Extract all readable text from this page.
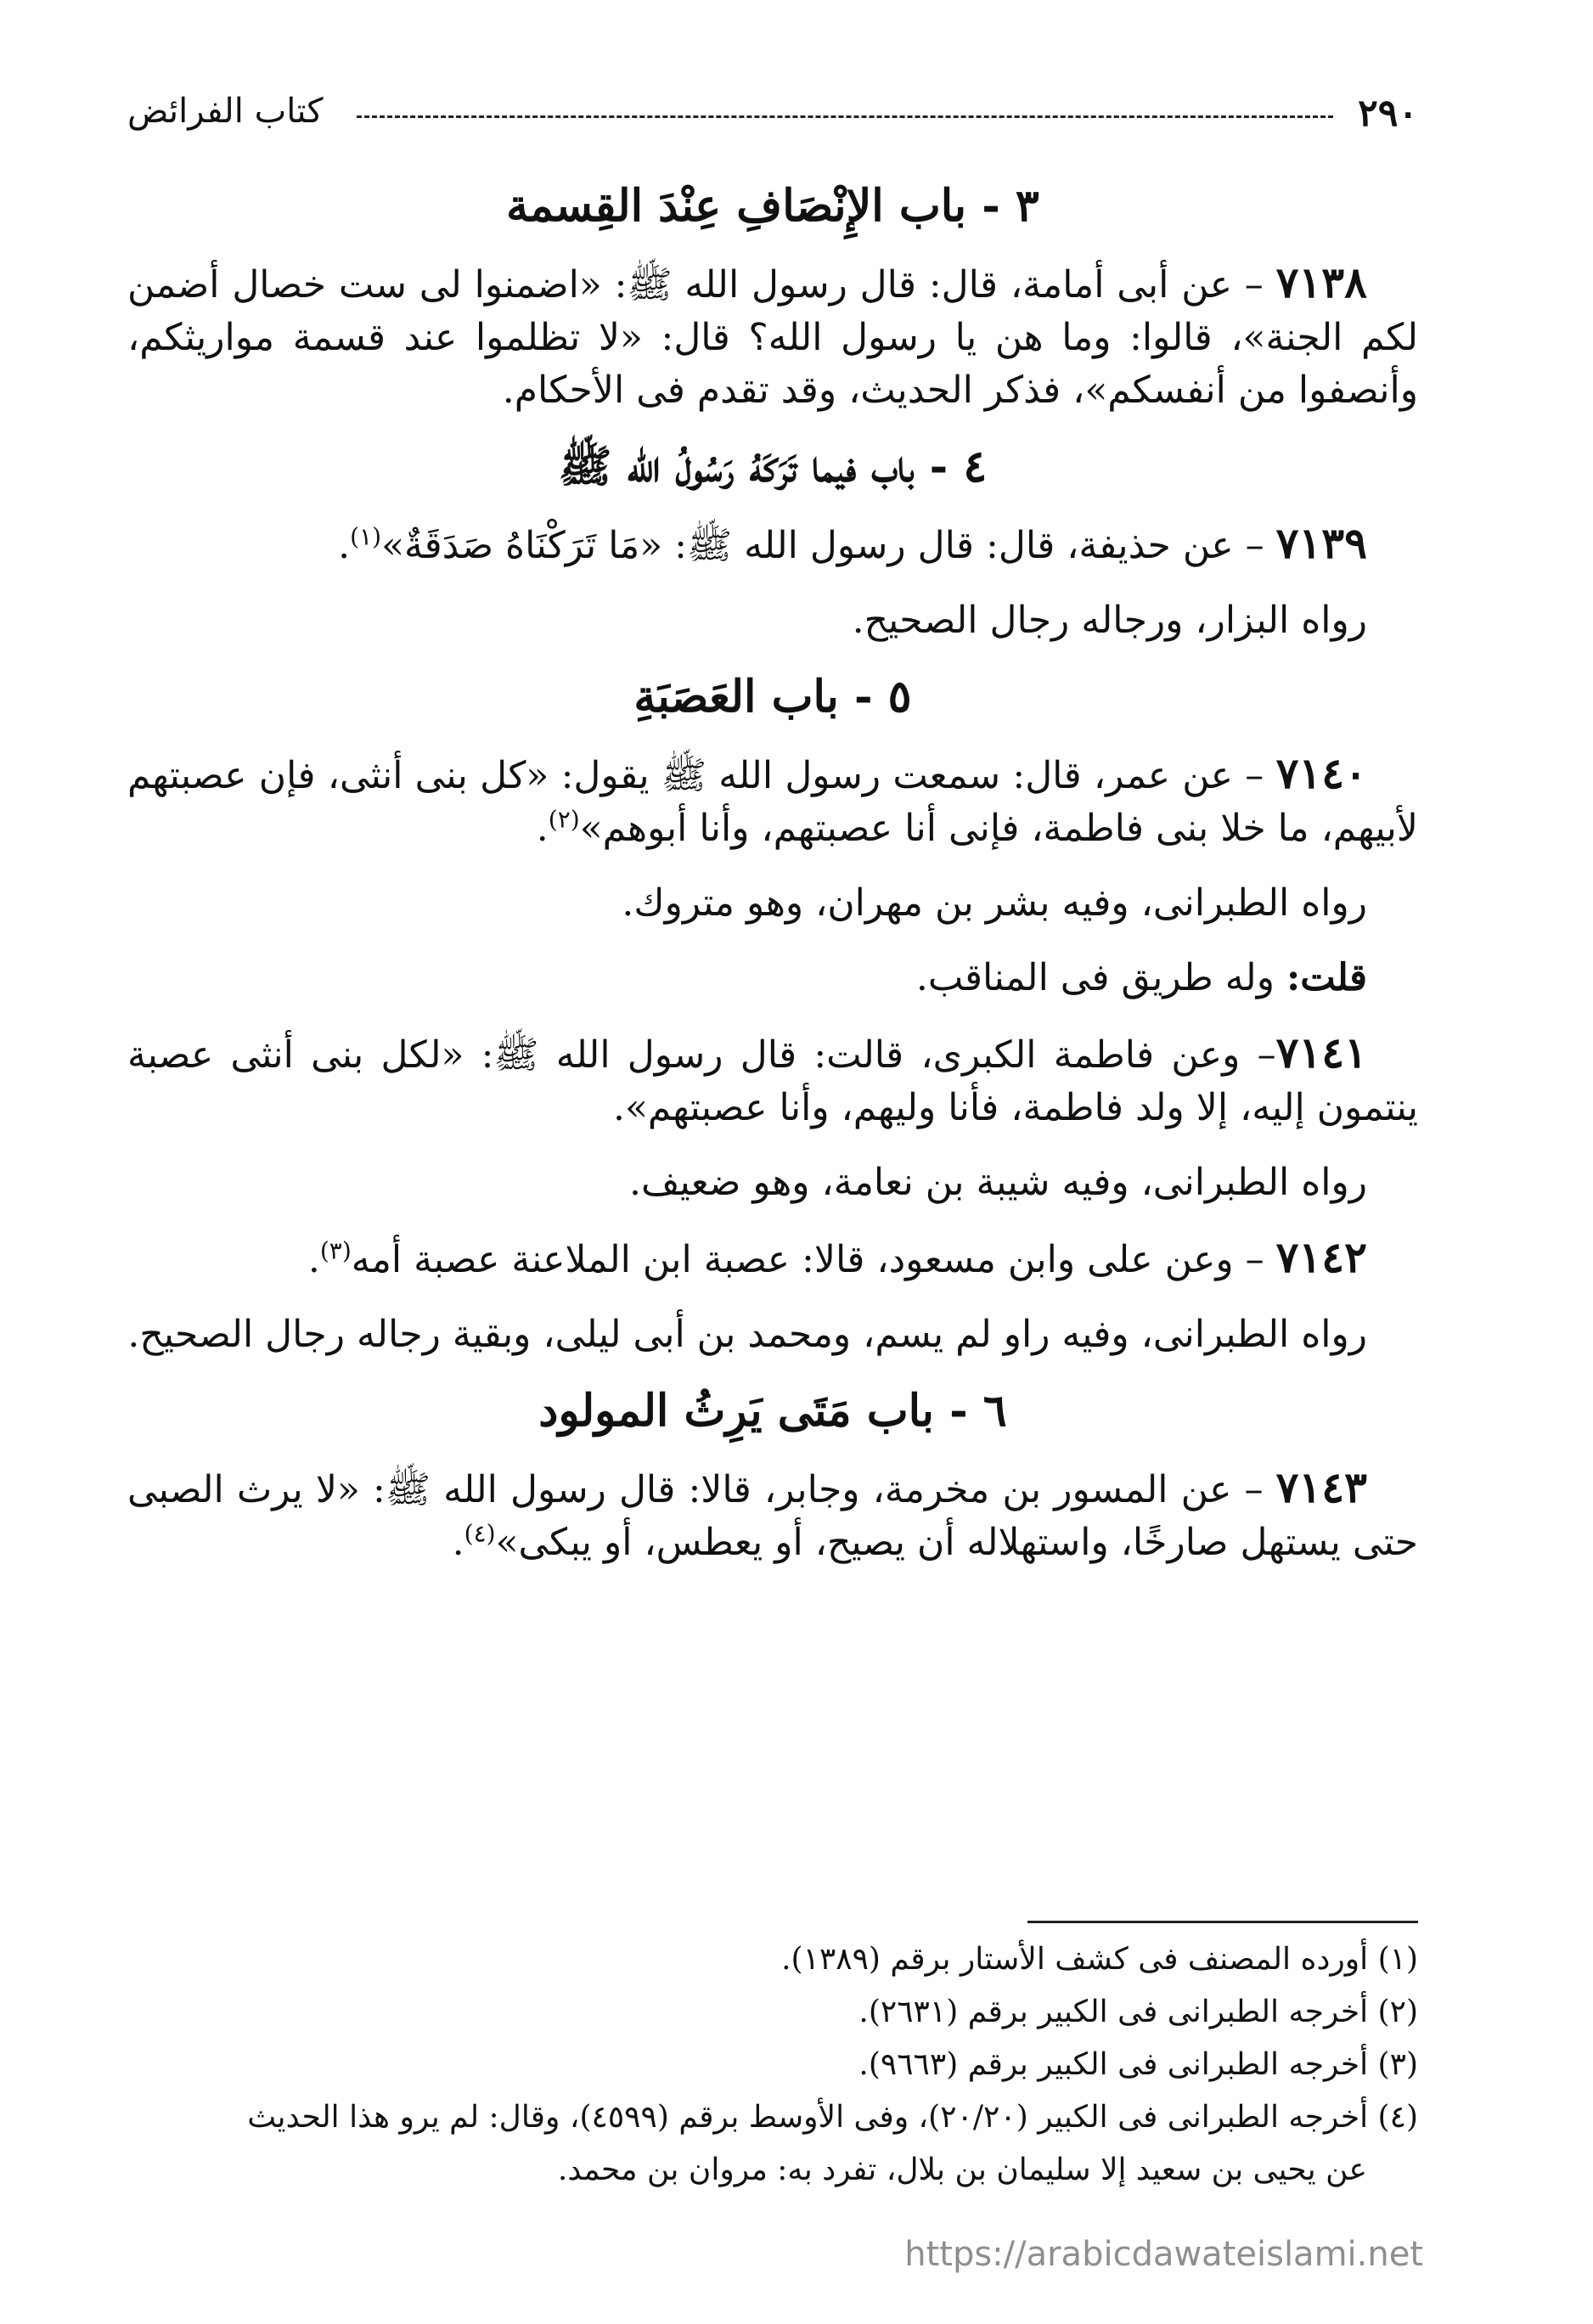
٢٩٠
كتاب الفرائض
٣ - باب الإِنْصَافِ عِنْدَ القِسمة

٧١٣٨ – عن أبى أمامة، قال: قال رسول الله ﷺ: «اضمنوا لى ست خصال أضمن لكم الجنة»، قالوا: وما هن يا رسول الله؟ قال: «لا تظلموا عند قسمة مواريثكم، وأنصفوا من أنفسكم»، فذكر الحديث، وقد تقدم فى الأحكام.

٤ - باب فيما تَرَكَهُ رَسُولُ الله ﷺ

٧١٣٩ – عن حذيفة، قال: قال رسول الله ﷺ: «مَا تَرَكْنَاهُ صَدَقَةٌ»$^{(١)}$.

رواه البزار، ورجاله رجال الصحيح.

٥ - باب العَصَبَةِ

٧١٤٠ – عن عمر، قال: سمعت رسول الله ﷺ يقول: «كل بنى أنثى، فإن عصبتهم لأبيهم، ما خلا بنى فاطمة، فإنى أنا عصبتهم، وأنا أبوهم»$^{(٢)}$.

رواه الطبرانى، وفيه بشر بن مهران، وهو متروك.

قلت: وله طريق فى المناقب.

٧١٤١– وعن فاطمة الكبرى، قالت: قال رسول الله ﷺ: «لكل بنى أنثى عصبة ينتمون إليه، إلا ولد فاطمة، فأنا وليهم، وأنا عصبتهم».

رواه الطبرانى، وفيه شيبة بن نعامة، وهو ضعيف.

٧١٤٢ – وعن على وابن مسعود، قالا: عصبة ابن الملاعنة عصبة أمه$^{(٣)}$.

رواه الطبرانى، وفيه راو لم يسم، ومحمد بن أبى ليلى، وبقية رجاله رجال الصحيح.

٦ - باب مَتَى يَرِثُ المولود

٧١٤٣ – عن المسور بن مخرمة، وجابر، قالا: قال رسول الله ﷺ: «لا يرث الصبى حتى يستهل صارخًا، واستهلاله أن يصيح، أو يعطس، أو يبكى»$^{(٤)}$.

(١) أورده المصنف فى كشف الأستار برقم (١٣٨٩).
(٢) أخرجه الطبرانى فى الكبير برقم (٢٦٣١).
(٣) أخرجه الطبرانى فى الكبير برقم (٩٦٦٣).
(٤) أخرجه الطبرانى فى الكبير (٢٠/٢٠)، وفى الأوسط برقم (٤٥٩٩)، وقال: لم يرو هذا الحديث
عن يحيى بن سعيد إلا سليمان بن بلال، تفرد به: مروان بن محمد.
https://arabicdawateislami.net
